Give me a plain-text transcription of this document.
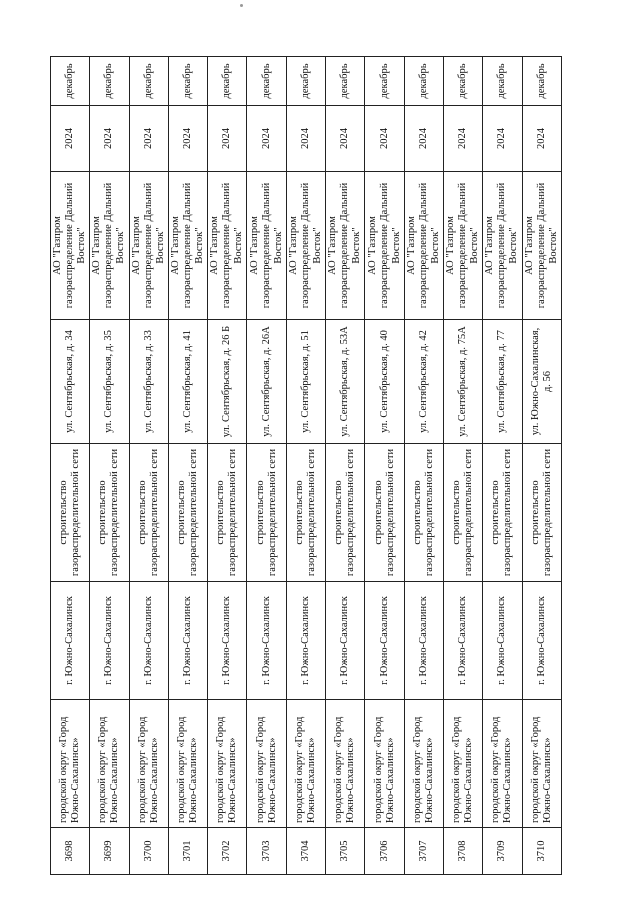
3698	городской округ «Город Южно-Сахалинск»	г. Южно-Сахалинск	строительство газораспределительной сети	ул. Сентябрьская, д. 34	АО "Газпром газораспределение Дальний Восток"	2024	декабрь
3699	городской округ «Город Южно-Сахалинск»	г. Южно-Сахалинск	строительство газораспределительной сети	ул. Сентябрьская, д. 35	АО "Газпром газораспределение Дальний Восток"	2024	декабрь
3700	городской округ «Город Южно-Сахалинск»	г. Южно-Сахалинск	строительство газораспределительной сети	ул. Сентябрьская, д. 33	АО "Газпром газораспределение Дальний Восток"	2024	декабрь
3701	городской округ «Город Южно-Сахалинск»	г. Южно-Сахалинск	строительство газораспределительной сети	ул. Сентябрьская, д. 41	АО "Газпром газораспределение Дальний Восток"	2024	декабрь
3702	городской округ «Город Южно-Сахалинск»	г. Южно-Сахалинск	строительство газораспределительной сети	ул. Сентябрьская, д. 26 Б	АО "Газпром газораспределение Дальний Восток"	2024	декабрь
3703	городской округ «Город Южно-Сахалинск»	г. Южно-Сахалинск	строительство газораспределительной сети	ул. Сентябрьская, д. 26А	АО "Газпром газораспределение Дальний Восток"	2024	декабрь
3704	городской округ «Город Южно-Сахалинск»	г. Южно-Сахалинск	строительство газораспределительной сети	ул. Сентябрьская, д. 51	АО "Газпром газораспределение Дальний Восток"	2024	декабрь
3705	городской округ «Город Южно-Сахалинск»	г. Южно-Сахалинск	строительство газораспределительной сети	ул. Сентябрьская, д. 53А	АО "Газпром газораспределение Дальний Восток"	2024	декабрь
3706	городской округ «Город Южно-Сахалинск»	г. Южно-Сахалинск	строительство газораспределительной сети	ул. Сентябрьская, д. 40	АО "Газпром газораспределение Дальний Восток"	2024	декабрь
3707	городской округ «Город Южно-Сахалинск»	г. Южно-Сахалинск	строительство газораспределительной сети	ул. Сентябрьская, д. 42	АО "Газпром газораспределение Дальний Восток"	2024	декабрь
3708	городской округ «Город Южно-Сахалинск»	г. Южно-Сахалинск	строительство газораспределительной сети	ул. Сентябрьская, д. 75А	АО "Газпром газораспределение Дальний Восток"	2024	декабрь
3709	городской округ «Город Южно-Сахалинск»	г. Южно-Сахалинск	строительство газораспределительной сети	ул. Сентябрьская, д. 77	АО "Газпром газораспределение Дальний Восток"	2024	декабрь
3710	городской округ «Город Южно-Сахалинск»	г. Южно-Сахалинск	строительство газораспределительной сети	ул. Южно-Сахалинская, д. 56	АО "Газпром газораспределение Дальний Восток"	2024	декабрь
